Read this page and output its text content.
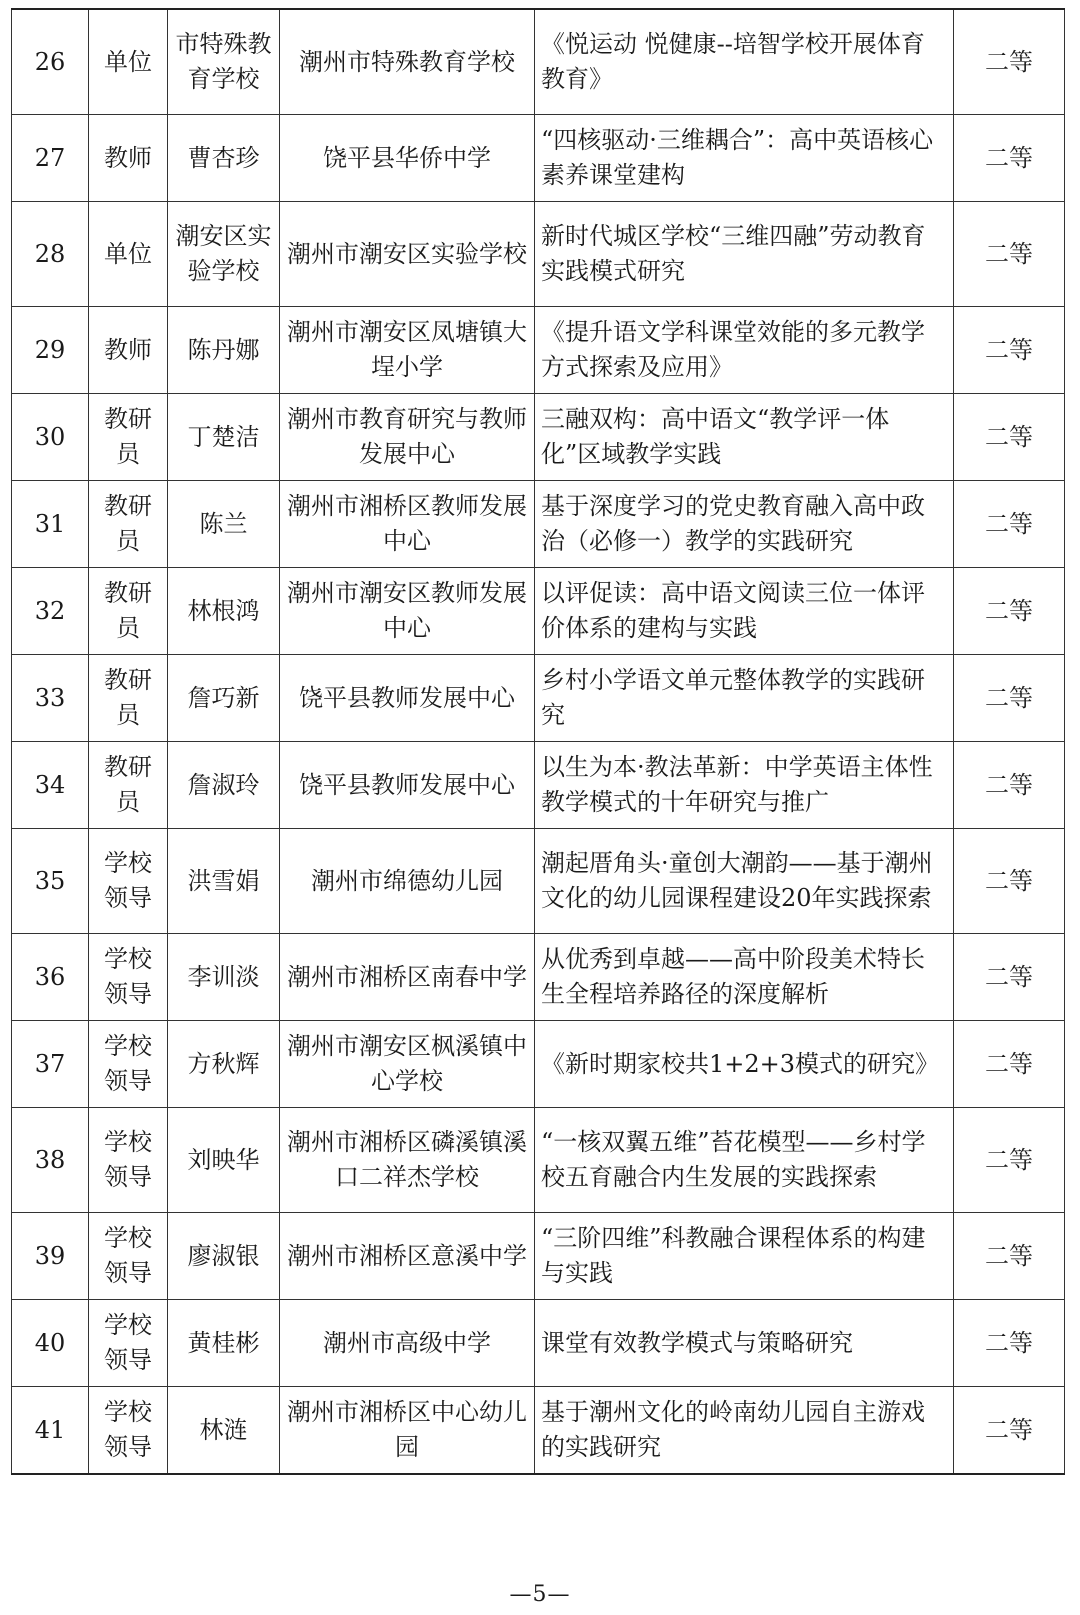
26	单位	市特殊教育学校	潮州市特殊教育学校	《悦运动 悦健康--培智学校开展体育教育》	二等
27	教师	曹杏珍	饶平县华侨中学	“四核驱动·三维耦合”：高中英语核心素养课堂建构	二等
28	单位	潮安区实验学校	潮州市潮安区实验学校	新时代城区学校“三维四融”劳动教育实践模式研究	二等
29	教师	陈丹娜	潮州市潮安区凤塘镇大埕小学	《提升语文学科课堂效能的多元教学方式探索及应用》	二等
30	教研员	丁楚洁	潮州市教育研究与教师发展中心	三融双构：高中语文“教学评一体化”区域教学实践	二等
31	教研员	陈兰	潮州市湘桥区教师发展中心	基于深度学习的党史教育融入高中政治（必修一）教学的实践研究	二等
32	教研员	林根鸿	潮州市潮安区教师发展中心	以评促读：高中语文阅读三位一体评价体系的建构与实践	二等
33	教研员	詹巧新	饶平县教师发展中心	乡村小学语文单元整体教学的实践研究	二等
34	教研员	詹淑玲	饶平县教师发展中心	以生为本·教法革新：中学英语主体性教学模式的十年研究与推广	二等
35	学校领导	洪雪娟	潮州市绵德幼儿园	潮起厝角头·童创大潮韵——基于潮州文化的幼儿园课程建设20年实践探索	二等
36	学校领导	李训淡	潮州市湘桥区南春中学	从优秀到卓越——高中阶段美术特长生全程培养路径的深度解析	二等
37	学校领导	方秋辉	潮州市潮安区枫溪镇中心学校	《新时期家校共1+2+3模式的研究》	二等
38	学校领导	刘映华	潮州市湘桥区磷溪镇溪口二祥杰学校	“一核双翼五维”苔花模型——乡村学校五育融合内生发展的实践探索	二等
39	学校领导	廖淑银	潮州市湘桥区意溪中学	“三阶四维”科教融合课程体系的构建与实践	二等
40	学校领导	黄桂彬	潮州市高级中学	课堂有效教学模式与策略研究	二等
41	学校领导	林涟	潮州市湘桥区中心幼儿园	基于潮州文化的岭南幼儿园自主游戏的实践研究	二等
—5—
